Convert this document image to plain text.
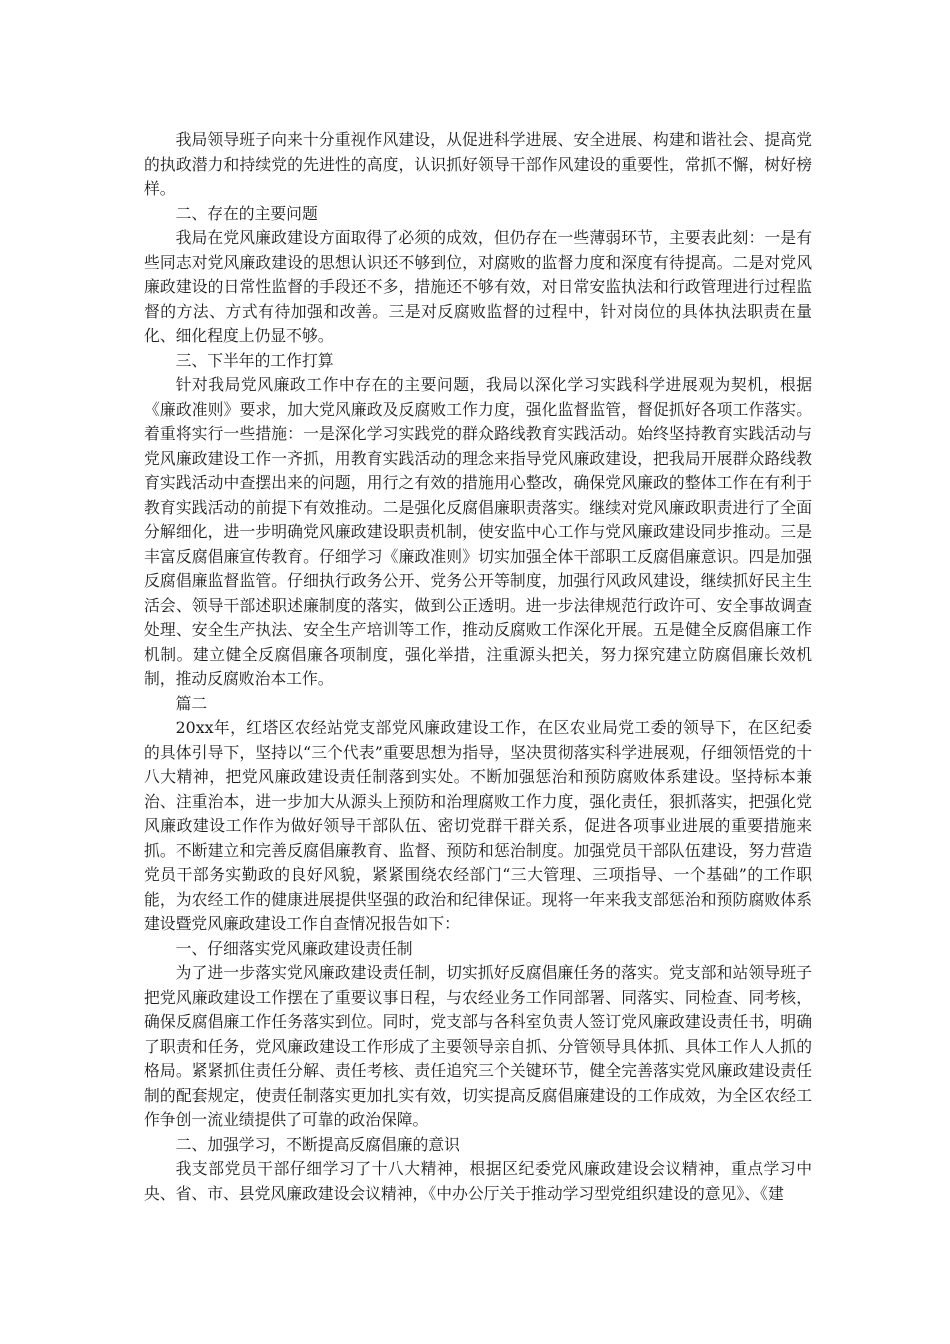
我局领导班子向来十分重视作风建设，从促进科学进展、安全进展、构建和谐社会、提高党的执政潜力和持续党的先进性的高度，认识抓好领导干部作风建设的重要性，常抓不懈，树好榜样。

二、存在的主要问题

我局在党风廉政建设方面取得了必须的成效，但仍存在一些薄弱环节，主要表此刻：一是有些同志对党风廉政建设的思想认识还不够到位，对腐败的监督力度和深度有待提高。二是对党风廉政建设的日常性监督的手段还不多，措施还不够有效，对日常安监执法和行政管理进行过程监督的方法、方式有待加强和改善。三是对反腐败监督的过程中，针对岗位的具体执法职责在量化、细化程度上仍显不够。

三、下半年的工作打算

针对我局党风廉政工作中存在的主要问题，我局以深化学习实践科学进展观为契机，根据《廉政准则》要求，加大党风廉政及反腐败工作力度，强化监督监管，督促抓好各项工作落实。着重将实行一些措施：一是深化学习实践党的群众路线教育实践活动。始终坚持教育实践活动与党风廉政建设工作一齐抓，用教育实践活动的理念来指导党风廉政建设，把我局开展群众路线教育实践活动中查摆出来的问题，用行之有效的措施用心整改，确保党风廉政的整体工作在有利于教育实践活动的前提下有效推动。二是强化反腐倡廉职责落实。继续对党风廉政职责进行了全面分解细化，进一步明确党风廉政建设职责机制，使安监中心工作与党风廉政建设同步推动。三是丰富反腐倡廉宣传教育。仔细学习《廉政准则》切实加强全体干部职工反腐倡廉意识。四是加强反腐倡廉监督监管。仔细执行政务公开、党务公开等制度，加强行风政风建设，继续抓好民主生活会、领导干部述职述廉制度的落实，做到公正透明。进一步法律规范行政许可、安全事故调查处理、安全生产执法、安全生产培训等工作，推动反腐败工作深化开展。五是健全反腐倡廉工作机制。建立健全反腐倡廉各项制度，强化举措，注重源头把关，努力探究建立防腐倡廉长效机制，推动反腐败治本工作。

篇二

20xx年，红塔区农经站党支部党风廉政建设工作，在区农业局党工委的领导下，在区纪委的具体引导下，坚持以“三个代表”重要思想为指导，坚决贯彻落实科学进展观，仔细领悟党的十八大精神，把党风廉政建设责任制落到实处。不断加强惩治和预防腐败体系建设。坚持标本兼治、注重治本，进一步加大从源头上预防和治理腐败工作力度，强化责任，狠抓落实，把强化党风廉政建设工作作为做好领导干部队伍、密切党群干群关系，促进各项事业进展的重要措施来抓。不断建立和完善反腐倡廉教育、监督、预防和惩治制度。加强党员干部队伍建设，努力营造党员干部务实勤政的良好风貌，紧紧围绕农经部门“三大管理、三项指导、一个基础”的工作职能，为农经工作的健康进展提供坚强的政治和纪律保证。现将一年来我支部惩治和预防腐败体系建设暨党风廉政建设工作自查情况报告如下：

一、仔细落实党风廉政建设责任制

为了进一步落实党风廉政建设责任制，切实抓好反腐倡廉任务的落实。党支部和站领导班子把党风廉政建设工作摆在了重要议事日程，与农经业务工作同部署、同落实、同检查、同考核，确保反腐倡廉工作任务落实到位。同时，党支部与各科室负责人签订党风廉政建设责任书，明确了职责和任务，党风廉政建设工作形成了主要领导亲自抓、分管领导具体抓、具体工作人人抓的格局。紧紧抓住责任分解、责任考核、责任追究三个关键环节，健全完善落实党风廉政建设责任制的配套规定，使责任制落实更加扎实有效，切实提高反腐倡廉建设的工作成效，为全区农经工作争创一流业绩提供了可靠的政治保障。

二、加强学习，不断提高反腐倡廉的意识

我支部党员干部仔细学习了十八大精神，根据区纪委党风廉政建设会议精神，重点学习中央、省、市、县党风廉政建设会议精神，《中办公厅关于推动学习型党组织建设的意见》、《建
